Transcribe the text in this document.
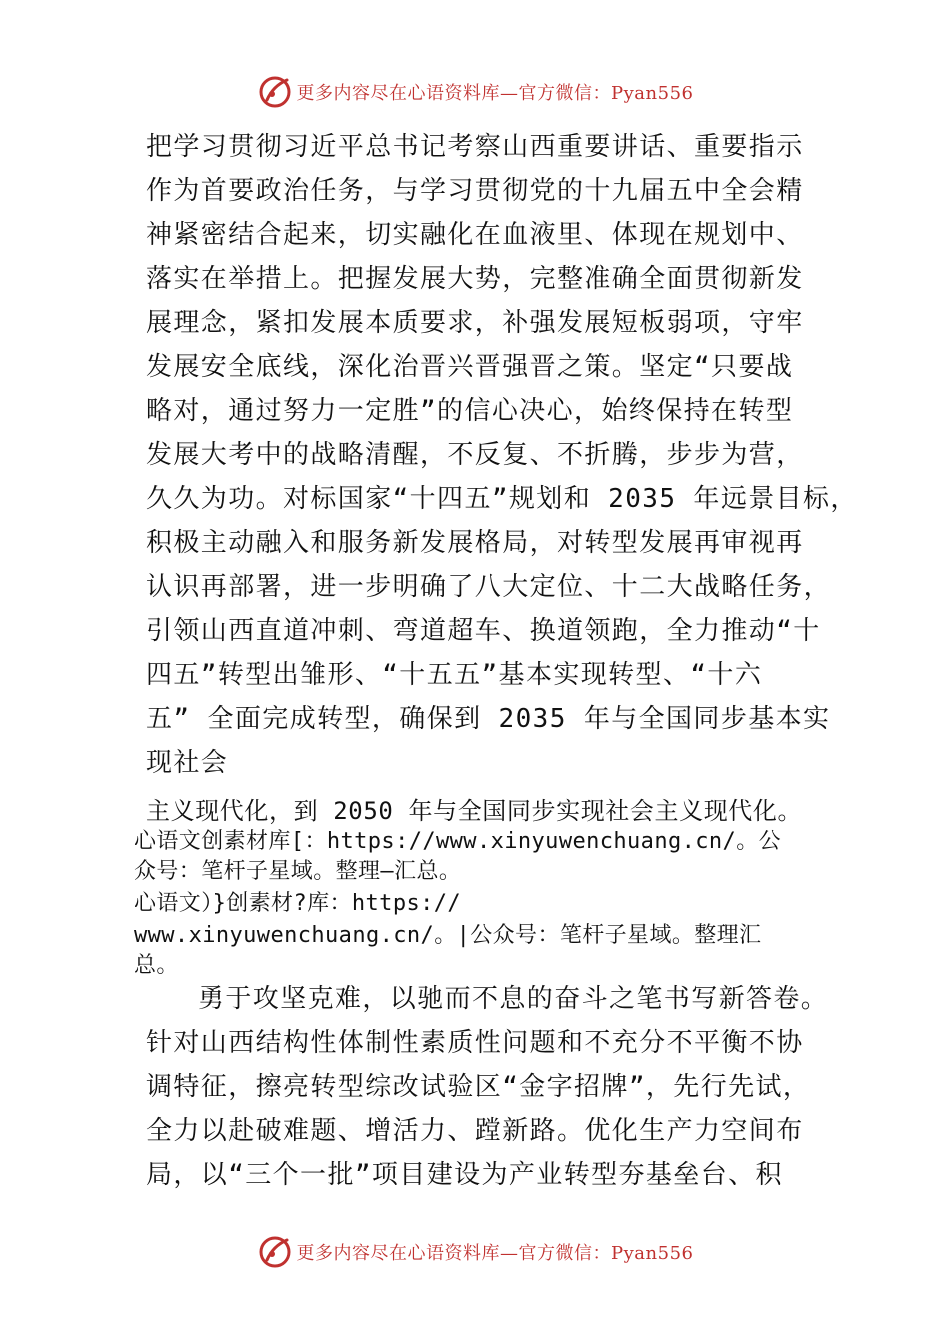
更多内容尽在心语资料库—官方微信：Pyan556
把学习贯彻习近平总书记考察山西重要讲话、重要指示
作为首要政治任务，与学习贯彻党的十九届五中全会精
神紧密结合起来，切实融化在血液里、体现在规划中、
落实在举措上。把握发展大势，完整准确全面贯彻新发
展理念，紧扣发展本质要求，补强发展短板弱项，守牢
发展安全底线，深化治晋兴晋强晋之策。坚定“只要战
略对，通过努力一定胜”的信心决心，始终保持在转型
发展大考中的战略清醒，不反复、不折腾，步步为营，
久久为功。对标国家“十四五”规划和 2035 年远景目标，
积极主动融入和服务新发展格局，对转型发展再审视再
认识再部署，进一步明确了八大定位、十二大战略任务，
引领山西直道冲刺、弯道超车、换道领跑，全力推动“十
四五”转型出雏形、“十五五”基本实现转型、“十六
五” 全面完成转型，确保到 2035 年与全国同步基本实
现社会
主义现代化，到 2050 年与全国同步实现社会主义现代化。
心语文创素材库[：https://www.xinyuwenchuang.cn/。公
众号：笔杆子星域。整理—汇总。
心语文）}创素材?库：https://
www.xinyuwenchuang.cn/。|公众号：笔杆子星域。整理汇
总。
勇于攻坚克难，以驰而不息的奋斗之笔书写新答卷。
针对山西结构性体制性素质性问题和不充分不平衡不协
调特征，擦亮转型综改试验区“金字招牌”，先行先试，
全力以赴破难题、增活力、蹚新路。优化生产力空间布
局，以“三个一批”项目建设为产业转型夯基垒台、积
更多内容尽在心语资料库—官方微信：Pyan556
